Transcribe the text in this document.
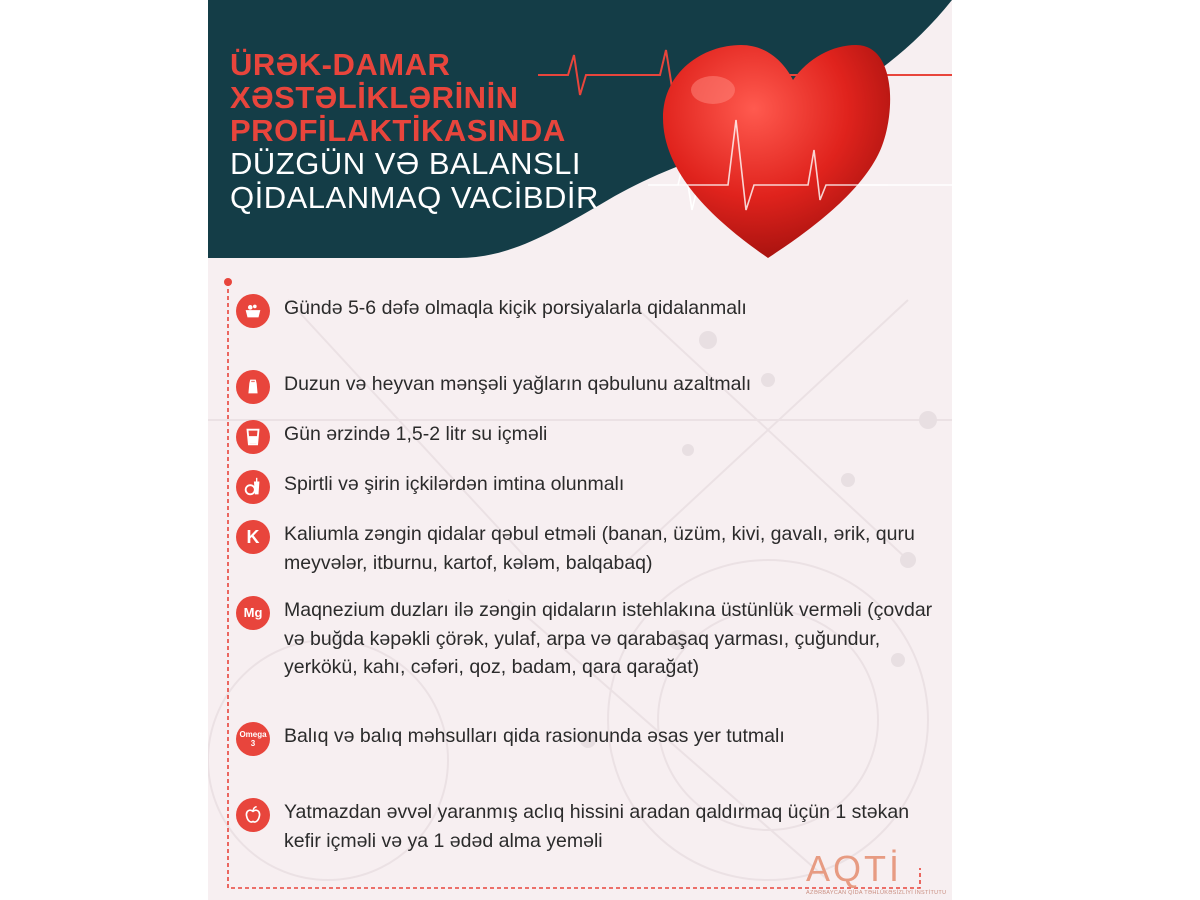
ÜRƏK-DAMAR
XƏSTƏLİKLƏRİNİN
PROFİLAKTİKASINDA
DÜZGÜN VƏ BALANSLI
QİDALANMAQ VACİBDİR
Gündə 5-6 dəfə olmaqla kiçik porsiyalarla qidalanmalı
Duzun və heyvan mənşəli yağların qəbulunu azaltmalı
Gün ərzində 1,5-2 litr su içməli
Spirtli və şirin içkilərdən imtina olunmalı
K	Kaliumla zəngin qidalar qəbul etməli (banan, üzüm, kivi, gavalı, ərik, quru meyvələr, itburnu, kartof, kələm, balqabaq)
Mg	Maqnezium duzları ilə zəngin qidaların istehlakına üstünlük verməli (çovdar və buğda kəpəkli çörək, yulaf, arpa və qarabaşaq yarması, çuğundur, yerkökü, kahı, cəfəri, qoz, badam, qara qarağat)
Omega
3	Balıq və balıq məhsulları qida rasionunda əsas yer tutmalı
Yatmazdan əvvəl yaranmış aclıq hissini aradan qaldırmaq üçün 1 stəkan kefir içməli və ya 1 ədəd alma yeməli
AQTİ
AZƏRBAYCAN QİDA TƏHLÜKƏSİZLİYİ İNSTİTUTU
